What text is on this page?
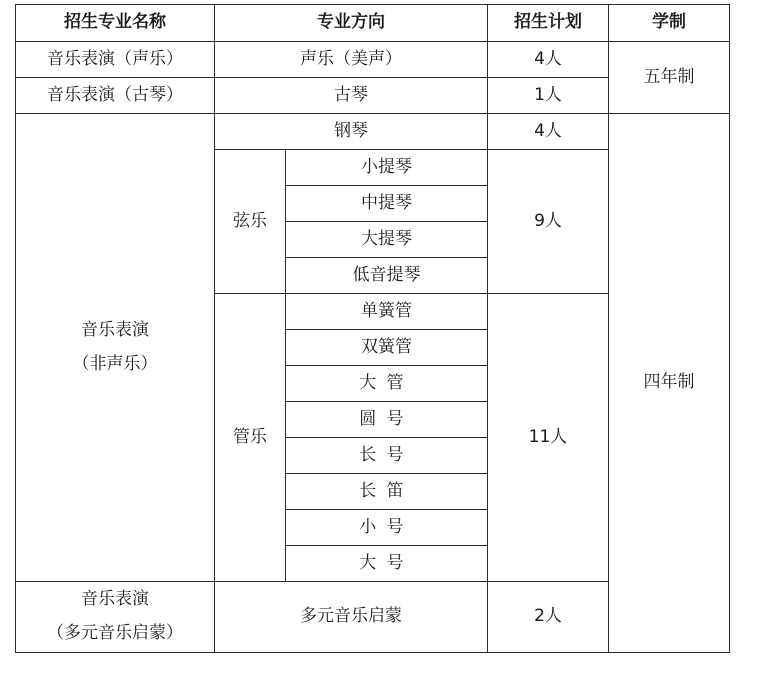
招生专业名称	专业方向		招生计划	学制
音乐表演（声乐）	声乐（美声）		4人	五年制
音乐表演（古琴）	古琴		1人	

音乐表演
（非声乐）	钢琴		4人	四年制
	弦乐	小提琴	9人	
		中提琴		
		大提琴		
		低音提琴		
	管乐	单簧管	11人	
		双簧管		
		大管		
		圆号		
		长号		
		长笛		
		小号		
		大号		

音乐表演
（多元音乐启蒙）	多元音乐启蒙		2人	
